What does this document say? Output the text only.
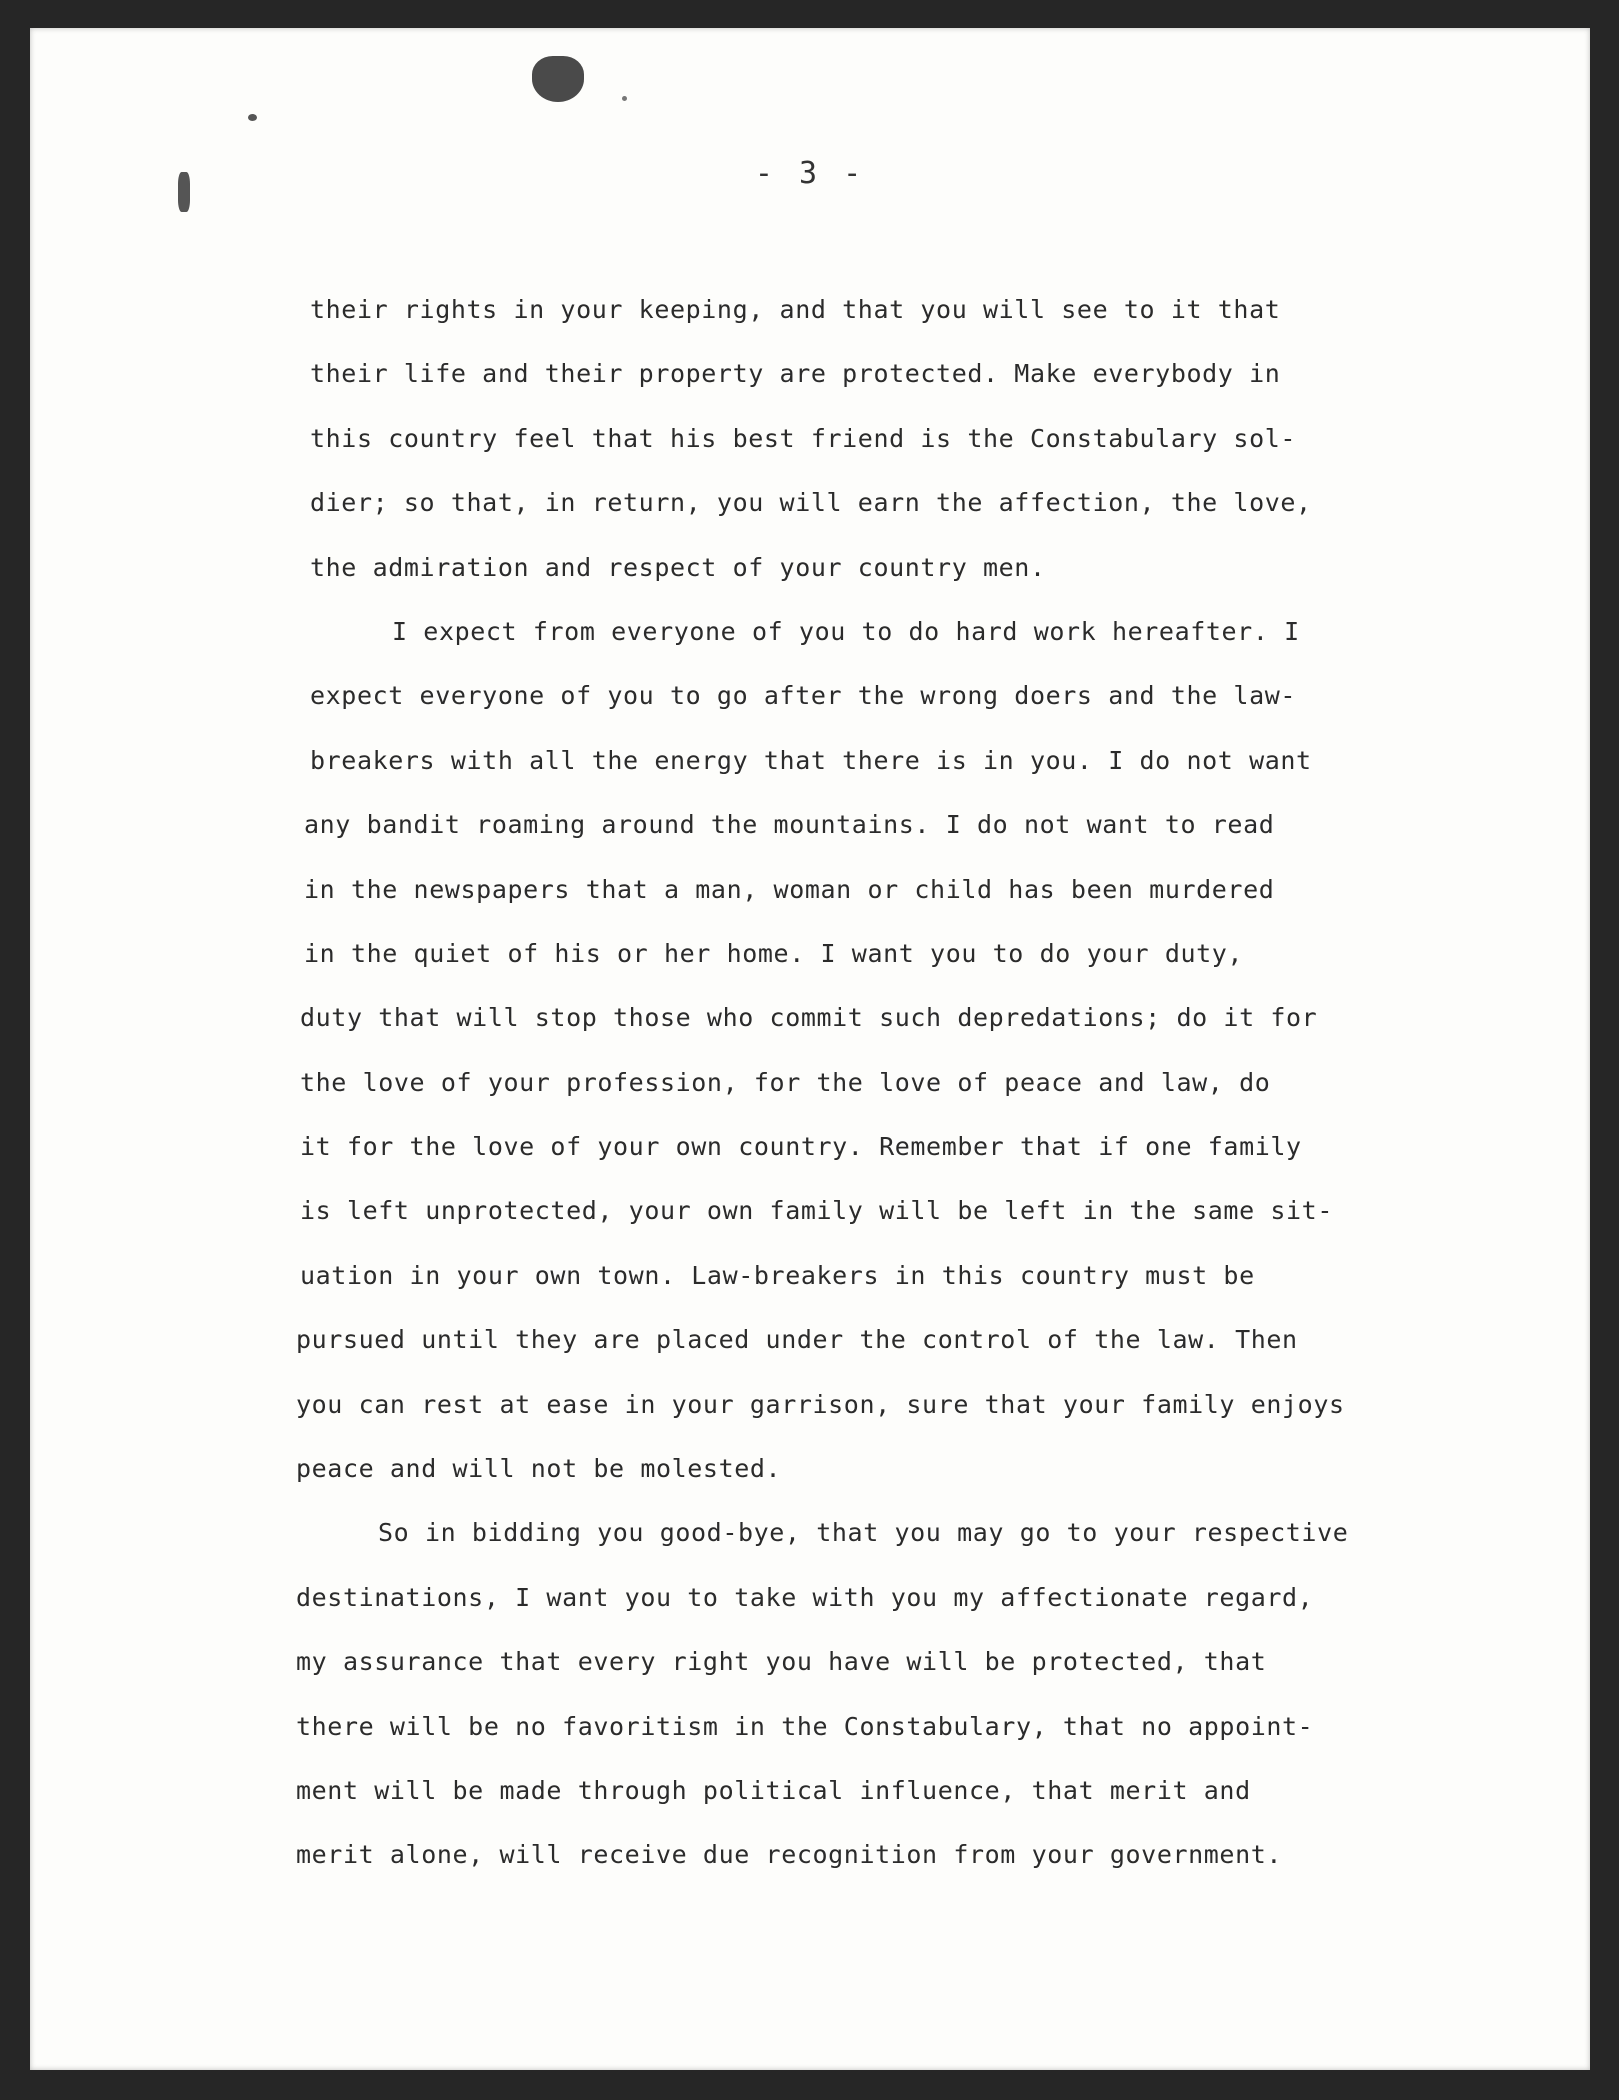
- 3 -
their rights in your keeping, and that you will see to it that
their life and their property are protected. Make everybody in
this country feel that his best friend is the Constabulary sol-
dier; so that, in return, you will earn the affection, the love,
the admiration and respect of your country men.
I expect from everyone of you to do hard work hereafter. I
expect everyone of you to go after the wrong doers and the law-
breakers with all the energy that there is in you. I do not want
any bandit roaming around the mountains. I do not want to read
in the newspapers that a man, woman or child has been murdered
in the quiet of his or her home. I want you to do your duty,
duty that will stop those who commit such depredations; do it for
the love of your profession, for the love of peace and law, do
it for the love of your own country. Remember that if one family
is left unprotected, your own family will be left in the same sit-
uation in your own town. Law-breakers in this country must be
pursued until they are placed under the control of the law. Then
you can rest at ease in your garrison, sure that your family enjoys
peace and will not be molested.
So in bidding you good-bye, that you may go to your respective
destinations, I want you to take with you my affectionate regard,
my assurance that every right you have will be protected, that
there will be no favoritism in the Constabulary, that no appoint-
ment will be made through political influence, that merit and
merit alone, will receive due recognition from your government.
